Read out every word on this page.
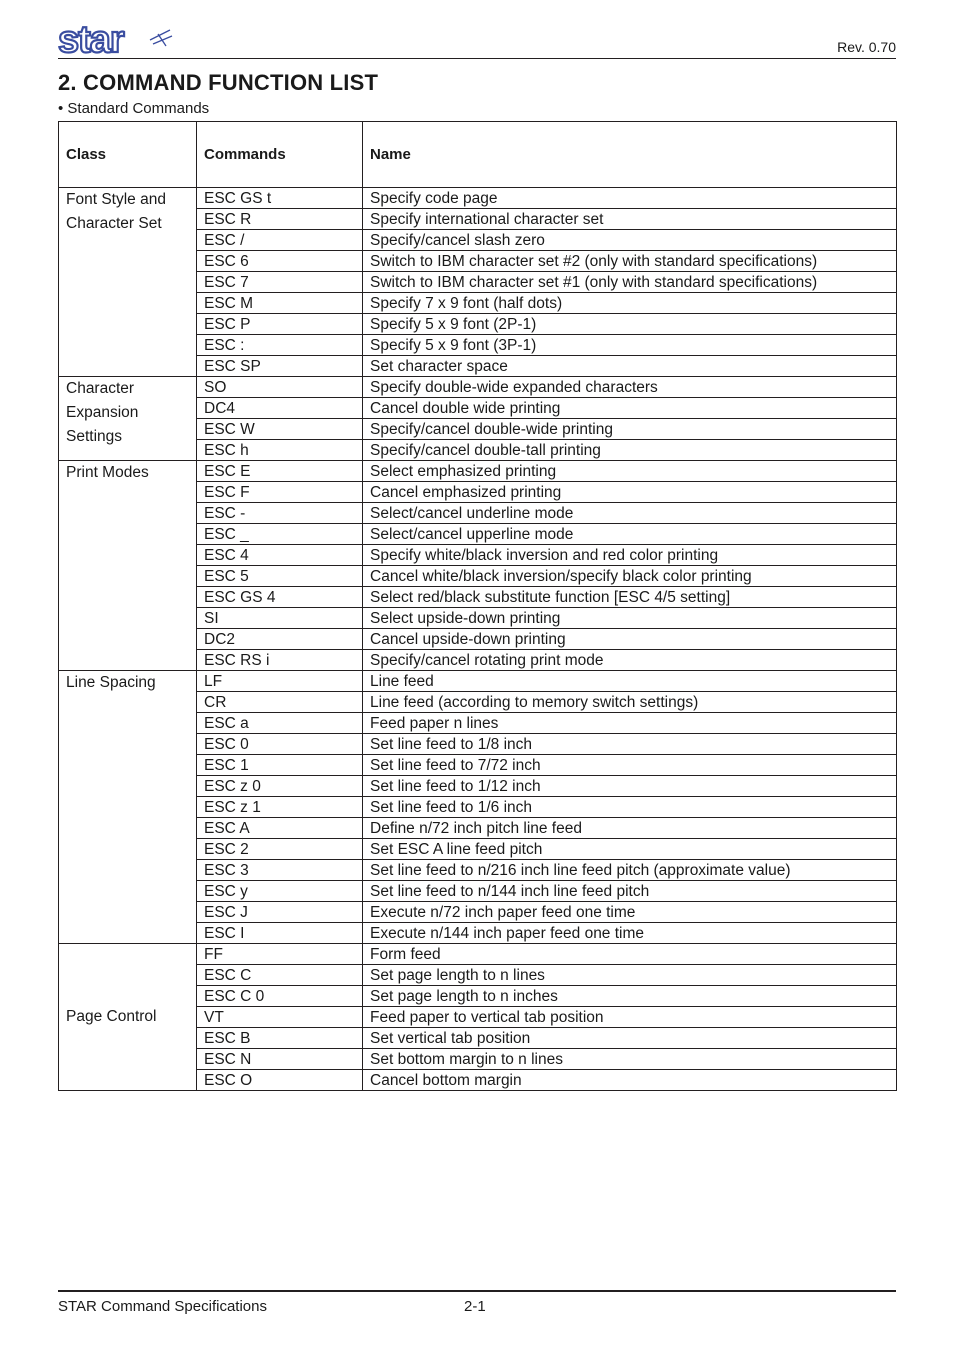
star	Rev. 0.70
2. COMMAND FUNCTION LIST
• Standard Commands
Class	Commands	Name
Font Style and Character Set	ESC GS t	Specify code page
	ESC R	Specify international character set
	ESC /	Specify/cancel slash zero
	ESC 6	Switch to IBM character set #2 (only with standard specifications)
	ESC 7	Switch to IBM character set #1 (only with standard specifications)
	ESC M	Specify 7 x 9 font (half dots)
	ESC P	Specify 5 x 9 font (2P-1)
	ESC :	Specify 5 x 9 font (3P-1)
	ESC SP	Set character space
Character Expansion Settings	SO	Specify double-wide expanded characters
	DC4	Cancel double wide printing
	ESC W	Specify/cancel double-wide printing
	ESC h	Specify/cancel double-tall printing
Print Modes	ESC E	Select emphasized printing
	ESC F	Cancel emphasized printing
	ESC -	Select/cancel underline mode
	ESC _	Select/cancel upperline mode
	ESC 4	Specify white/black inversion and red color printing
	ESC 5	Cancel white/black inversion/specify black color printing
	ESC GS 4	Select red/black substitute function [ESC 4/5 setting]
	SI	Select upside-down printing
	DC2	Cancel upside-down printing
	ESC RS i	Specify/cancel rotating print mode
Line Spacing	LF	Line feed
	CR	Line feed (according to memory switch settings)
	ESC a	Feed paper n lines
	ESC 0	Set line feed to 1/8 inch
	ESC 1	Set line feed to 7/72 inch
	ESC z 0	Set line feed to 1/12 inch
	ESC z 1	Set line feed to 1/6 inch
	ESC A	Define n/72 inch pitch line feed
	ESC 2	Set ESC A line feed pitch
	ESC 3	Set line feed to n/216 inch line feed pitch (approximate value)
	ESC y	Set line feed to n/144 inch line feed pitch
	ESC J	Execute n/72 inch paper feed one time
	ESC I	Execute n/144 inch paper feed one time
Page Control	FF	Form feed
	ESC C	Set page length to n lines
	ESC C 0	Set page length to n inches
	VT	Feed paper to vertical tab position
	ESC B	Set vertical tab position
	ESC N	Set bottom margin to n lines
	ESC O	Cancel bottom margin
STAR Command Specifications	2-1
